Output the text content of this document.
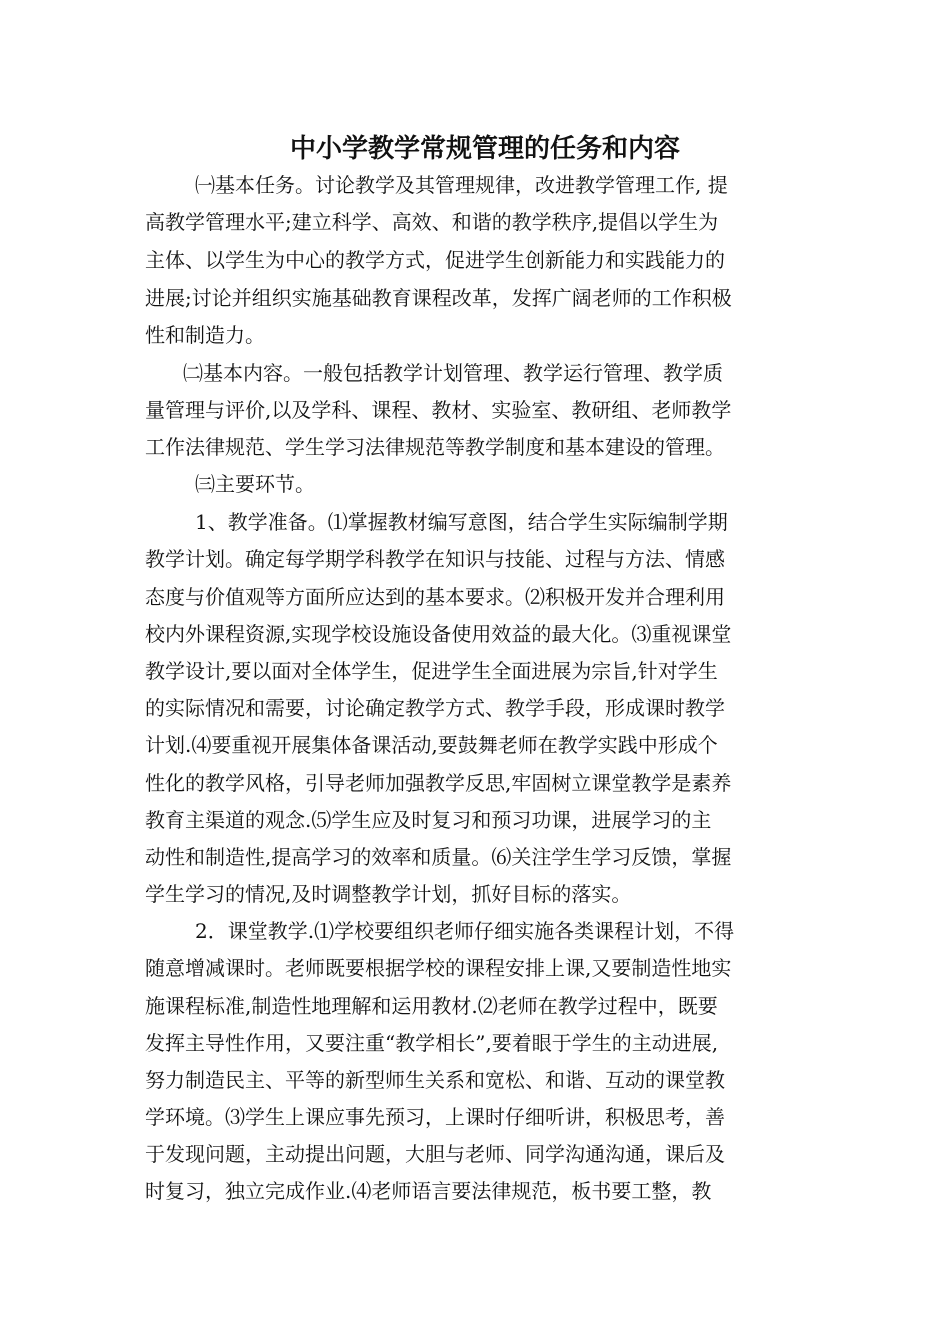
中小学教学常规管理的任务和内容
㈠基本任务。讨论教学及其管理规律，改进教学管理工作, 提
高教学管理水平;建立科学、高效、和谐的教学秩序,提倡以学生为
主体、以学生为中心的教学方式，促进学生创新能力和实践能力的
进展;讨论并组织实施基础教育课程改革，发挥广阔老师的工作积极
性和制造力。
㈡基本内容。一般包括教学计划管理、教学运行管理、教学质
量管理与评价,以及学科、课程、教材、实验室、教研组、老师教学
工作法律规范、学生学习法律规范等教学制度和基本建设的管理。
㈢主要环节。
1、教学准备。⑴掌握教材编写意图，结合学生实际编制学期
教学计划。确定每学期学科教学在知识与技能、过程与方法、情感
态度与价值观等方面所应达到的基本要求。⑵积极开发并合理利用
校内外课程资源,实现学校设施设备使用效益的最大化。⑶重视课堂
教学设计,要以面对全体学生，促进学生全面进展为宗旨,针对学生
的实际情况和需要，讨论确定教学方式、教学手段，形成课时教学
计划.⑷要重视开展集体备课活动,要鼓舞老师在教学实践中形成个
性化的教学风格，引导老师加强教学反思,牢固树立课堂教学是素养
教育主渠道的观念.⑸学生应及时复习和预习功课，进展学习的主
动性和制造性,提高学习的效率和质量。⑹关注学生学习反馈，掌握
学生学习的情况,及时调整教学计划，抓好目标的落实。
2．课堂教学.⑴学校要组织老师仔细实施各类课程计划，不得
随意增减课时。老师既要根据学校的课程安排上课,又要制造性地实
施课程标准,制造性地理解和运用教材.⑵老师在教学过程中，既要
发挥主导性作用，又要注重“教学相长”,要着眼于学生的主动进展,
努力制造民主、平等的新型师生关系和宽松、和谐、互动的课堂教
学环境。⑶学生上课应事先预习，上课时仔细听讲，积极思考，善
于发现问题，主动提出问题，大胆与老师、同学沟通沟通，课后及
时复习，独立完成作业.⑷老师语言要法律规范，板书要工整，教
